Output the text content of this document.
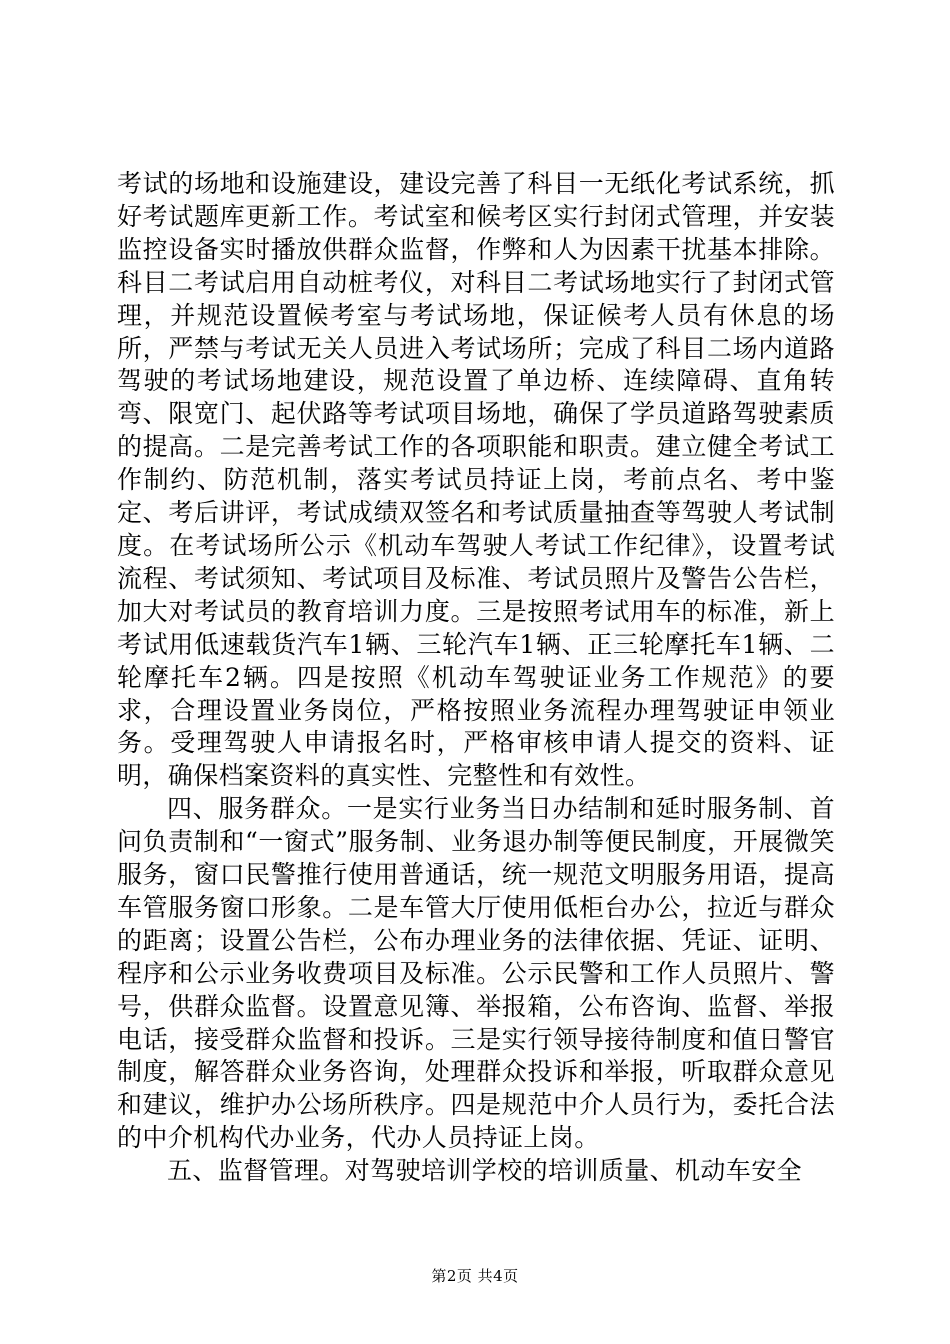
考试的场地和设施建设，建设完善了科目一无纸化考试系统，抓好考试题库更新工作。考试室和候考区实行封闭式管理，并安装监控设备实时播放供群众监督，作弊和人为因素干扰基本排除。科目二考试启用自动桩考仪，对科目二考试场地实行了封闭式管理，并规范设置候考室与考试场地，保证候考人员有休息的场所，严禁与考试无关人员进入考试场所；完成了科目二场内道路驾驶的考试场地建设，规范设置了单边桥、连续障碍、直角转弯、限宽门、起伏路等考试项目场地，确保了学员道路驾驶素质的提高。二是完善考试工作的各项职能和职责。建立健全考试工作制约、防范机制，落实考试员持证上岗，考前点名、考中鉴定、考后讲评，考试成绩双签名和考试质量抽查等驾驶人考试制度。在考试场所公示《机动车驾驶人考试工作纪律》，设置考试流程、考试须知、考试项目及标准、考试员照片及警告公告栏，加大对考试员的教育培训力度。三是按照考试用车的标准，新上考试用低速载货汽车1辆、三轮汽车1辆、正三轮摩托车1辆、二轮摩托车2辆。四是按照《机动车驾驶证业务工作规范》的要求，合理设置业务岗位，严格按照业务流程办理驾驶证申领业务。受理驾驶人申请报名时，严格审核申请人提交的资料、证明，确保档案资料的真实性、完整性和有效性。

四、服务群众。一是实行业务当日办结制和延时服务制、首问负责制和“一窗式”服务制、业务退办制等便民制度，开展微笑服务，窗口民警推行使用普通话，统一规范文明服务用语，提高车管服务窗口形象。二是车管大厅使用低柜台办公，拉近与群众的距离；设置公告栏，公布办理业务的法律依据、凭证、证明、程序和公示业务收费项目及标准。公示民警和工作人员照片、警号，供群众监督。设置意见簿、举报箱，公布咨询、监督、举报电话，接受群众监督和投诉。三是实行领导接待制度和值日警官制度，解答群众业务咨询，处理群众投诉和举报，听取群众意见和建议，维护办公场所秩序。四是规范中介人员行为，委托合法的中介机构代办业务，代办人员持证上岗。

五、监督管理。对驾驶培训学校的培训质量、机动车安全

第2页 共4页
